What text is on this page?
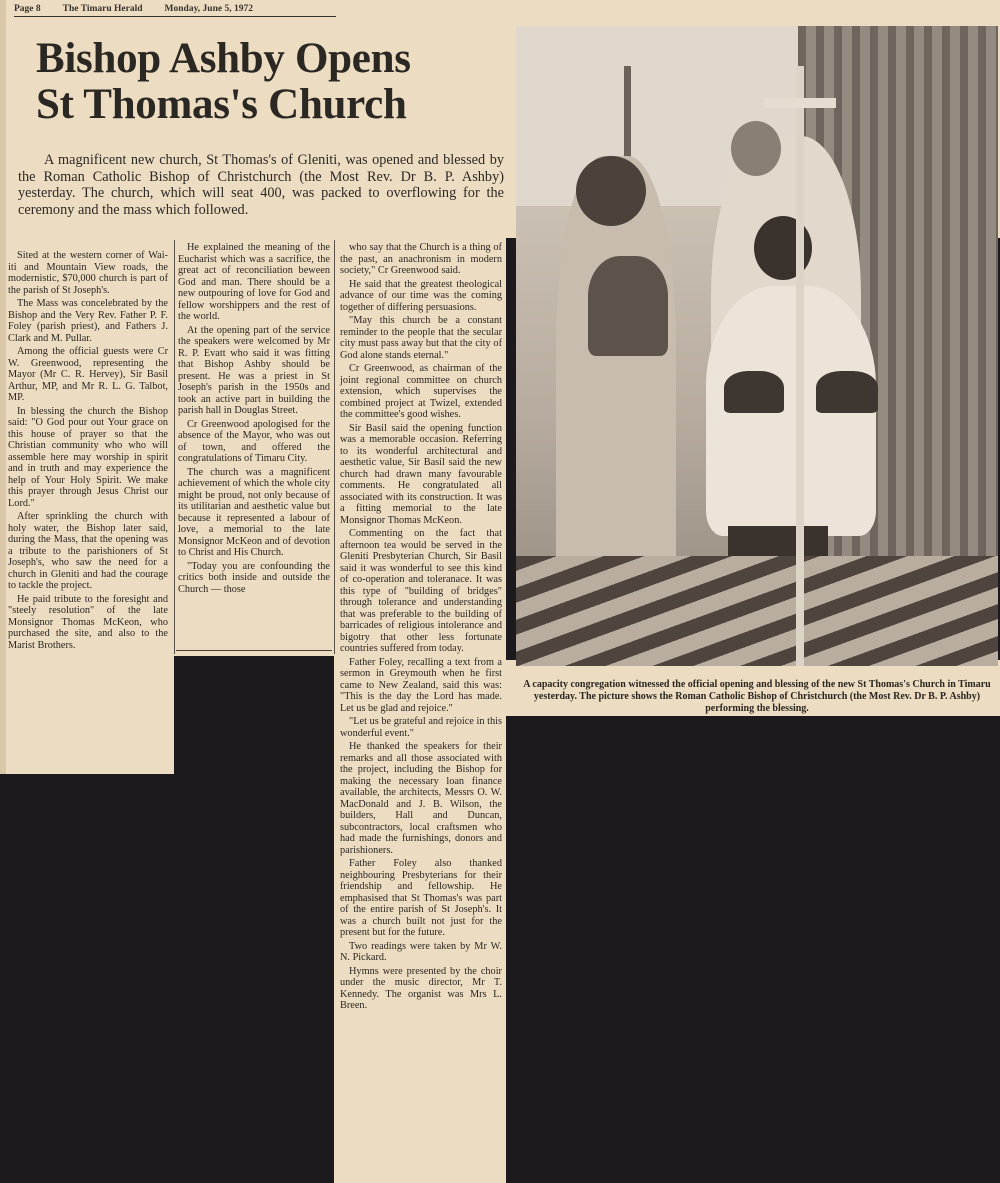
Page 8 The Timaru Herald Monday, June 5, 1972
Bishop Ashby Opens
St Thomas's Church
A magnificent new church, St Thomas's of Gleniti, was opened and blessed by the Roman Catholic Bishop of Christchurch (the Most Rev. Dr B. P. Ashby) yesterday. The church, which will seat 400, was packed to overflowing for the ceremony and the mass which followed.

Sited at the western corner of Wai-iti and Mountain View roads, the modernistic, $70,000 church is part of the parish of St Joseph's.

The Mass was concelebrated by the Bishop and the Very Rev. Father P. F. Foley (parish priest), and Fathers J. Clark and M. Pullar.

Among the official guests were Cr W. Greenwood, representing the Mayor (Mr C. R. Hervey), Sir Basil Arthur, MP, and Mr R. L. G. Talbot, MP.

In blessing the church the Bishop said: "O God pour out Your grace on this house of prayer so that the Christian community who who will assemble here may worship in spirit and in truth and may experience the help of Your Holy Spirit. We make this prayer through Jesus Christ our Lord."

After sprinkling the church with holy water, the Bishop later said, during the Mass, that the opening was a tribute to the parishioners of St Joseph's, who saw the need for a church in Gleniti and had the courage to tackle the project.

He paid tribute to the foresight and "steely resolution" of the late Monsignor Thomas McKeon, who purchased the site, and also to the Marist Brothers.

He explained the meaning of the Eucharist which was a sacrifice, the great act of reconciliation beween God and man. There should be a new outpouring of love for God and fellow worshippers and the rest of the world.

At the opening part of the service the speakers were welcomed by Mr R. P. Evatt who said it was fitting that Bishop Ashby should be present. He was a priest in St Joseph's parish in the 1950s and took an active part in building the parish hall in Douglas Street.

Cr Greenwood apologised for the absence of the Mayor, who was out of town, and offered the congratulations of Timaru City.

The church was a magnificent achievement of which the whole city might be proud, not only because of its utilitarian and aesthetic value but because it represented a labour of love, a memorial to the late Monsignor McKeon and of devotion to Christ and His Church.

"Today you are confounding the critics both inside and outside the Church — those

who say that the Church is a thing of the past, an anachronism in modern society," Cr Greenwood said.

He said that the greatest theological advance of our time was the coming together of differing persuasions.

"May this church be a constant reminder to the people that the secular city must pass away but that the city of God alone stands eternal."

Cr Greenwood, as chairman of the joint regional committee on church extension, which supervises the combined project at Twizel, extended the committee's good wishes.

Sir Basil said the opening function was a memorable occasion. Referring to its wonderful architectural and aesthetic value, Sir Basil said the new church had drawn many favourable comments. He congratulated all associated with its construction. It was a fitting memorial to the late Monsignor Thomas McKeon.

Commenting on the fact that afternoon tea would be served in the Gleniti Presbyterian Church, Sir Basil said it was wonderful to see this kind of co-operation and toleranace. It was this type of "building of bridges" through tolerance and understanding that was preferable to the building of barricades of religious intolerance and bigotry that other less fortunate countries suffered from today.

Father Foley, recalling a text from a sermon in Greymouth when he first came to New Zealand, said this was: "This is the day the Lord has made. Let us be glad and rejoice."

"Let us be grateful and rejoice in this wonderful event."

He thanked the speakers for their remarks and all those associated with the project, including the Bishop for making the necessary loan finance available, the architects, Messrs O. W. MacDonald and J. B. Wilson, the builders, Hall and Duncan, subcontractors, local craftsmen who had made the furnishings, donors and parishioners.

Father Foley also thanked neighbouring Presbyterians for their friendship and fellowship. He emphasised that St Thomas's was part of the entire parish of St Joseph's. It was a church built not just for the present but for the future.

Two readings were taken by Mr W. N. Pickard.

Hymns were presented by the choir under the music director, Mr T. Kennedy. The organist was Mrs L. Breen.

A capacity congregation witnessed the official opening and blessing of the new St Thomas's Church in Timaru yesterday. The picture shows the Roman Catholic Bishop of Christchurch (the Most Rev. Dr B. P. Ashby) performing the blessing.
